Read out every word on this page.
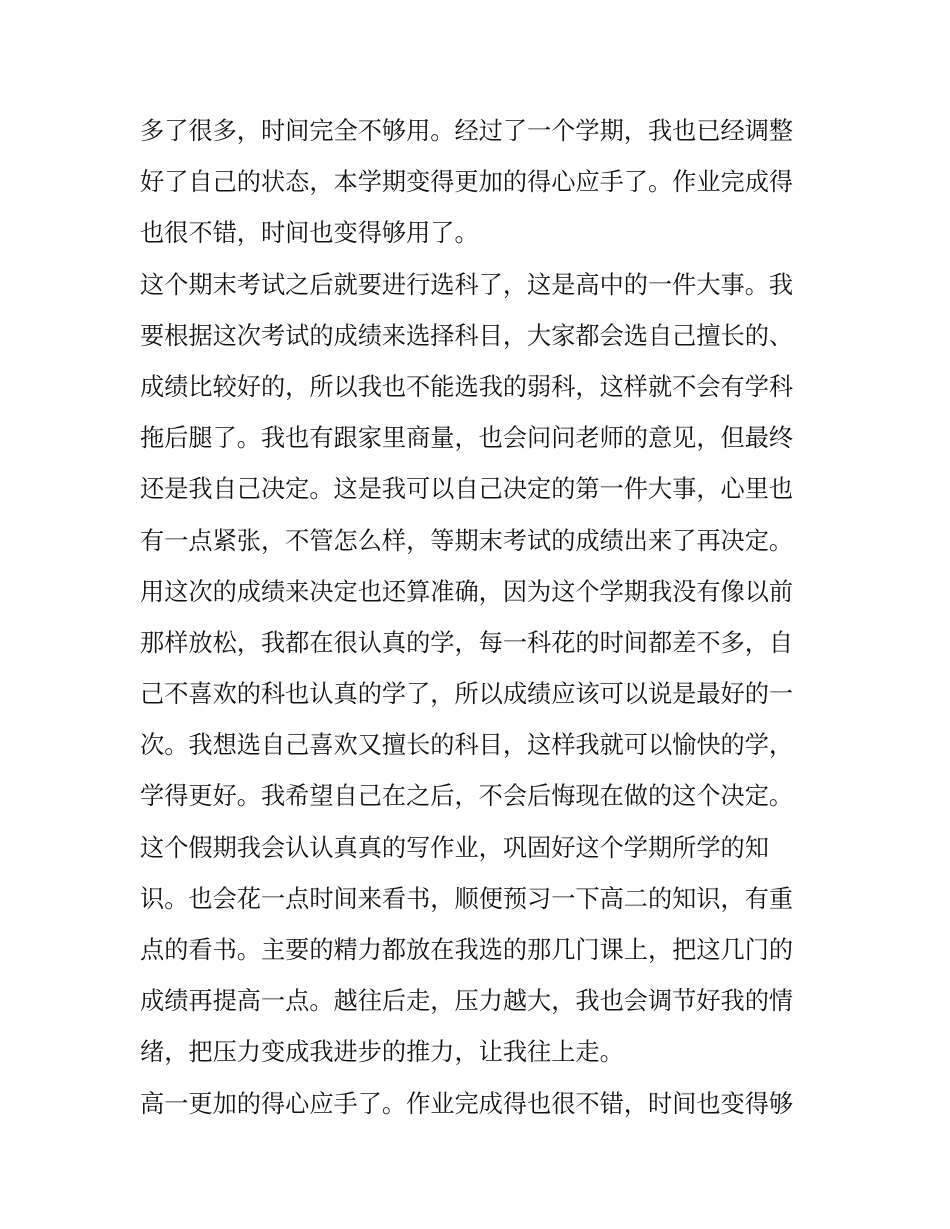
多了很多，时间完全不够用。经过了一个学期，我也已经调整
好了自己的状态，本学期变得更加的得心应手了。作业完成得
也很不错，时间也变得够用了。
这个期末考试之后就要进行选科了，这是高中的一件大事。我
要根据这次考试的成绩来选择科目，大家都会选自己擅长的、
成绩比较好的，所以我也不能选我的弱科，这样就不会有学科
拖后腿了。我也有跟家里商量，也会问问老师的意见，但最终
还是我自己决定。这是我可以自己决定的第一件大事，心里也
有一点紧张，不管怎么样，等期末考试的成绩出来了再决定。
用这次的成绩来决定也还算准确，因为这个学期我没有像以前
那样放松，我都在很认真的学，每一科花的时间都差不多，自
己不喜欢的科也认真的学了，所以成绩应该可以说是最好的一
次。我想选自己喜欢又擅长的科目，这样我就可以愉快的学，
学得更好。我希望自己在之后，不会后悔现在做的这个决定。
这个假期我会认认真真的写作业，巩固好这个学期所学的知
识。也会花一点时间来看书，顺便预习一下高二的知识，有重
点的看书。主要的精力都放在我选的那几门课上，把这几门的
成绩再提高一点。越往后走，压力越大，我也会调节好我的情
绪，把压力变成我进步的推力，让我往上走。
高一更加的得心应手了。作业完成得也很不错，时间也变得够
